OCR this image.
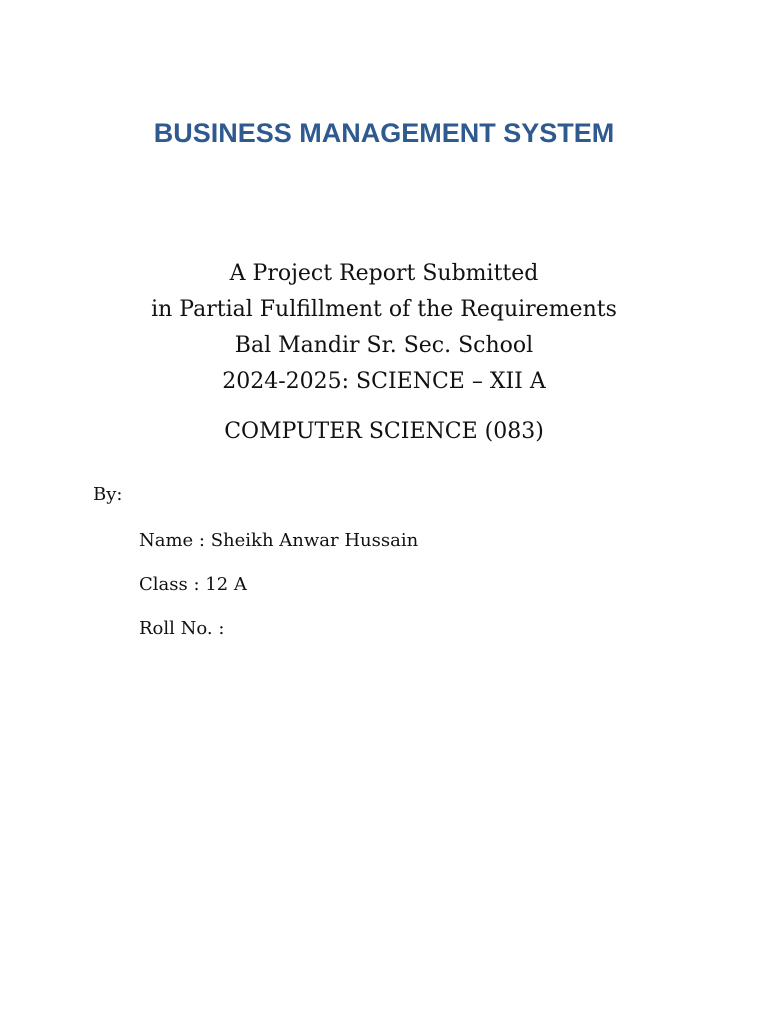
BUSINESS MANAGEMENT SYSTEM
A Project Report Submitted
in Partial Fulfillment of the Requirements
Bal Mandir Sr. Sec. School
2024-2025: SCIENCE – XII A
COMPUTER SCIENCE (083)
By:
Name : Sheikh Anwar Hussain
Class : 12 A
Roll No. :
